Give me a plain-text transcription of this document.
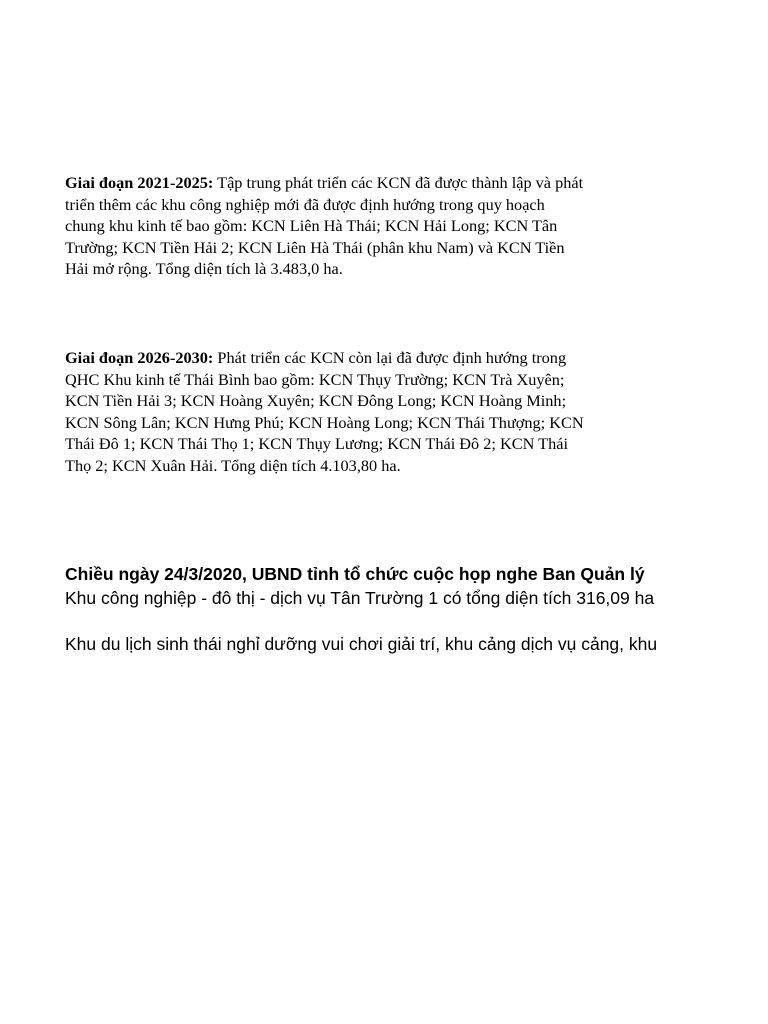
Giai đoạn 2021-2025: Tập trung phát triển các KCN đã được thành lập và phát triển thêm các khu công nghiệp mới đã được định hướng trong quy hoạch chung khu kinh tế bao gồm: KCN Liên Hà Thái; KCN Hải Long; KCN Tân Trường; KCN Tiền Hải 2; KCN Liên Hà Thái (phân khu Nam) và KCN Tiền Hải mở rộng. Tổng diện tích là 3.483,0 ha.

Giai đoạn 2026-2030: Phát triển các KCN còn lại đã được định hướng trong QHC Khu kinh tế Thái Bình bao gồm: KCN Thụy Trường; KCN Trà Xuyên; KCN Tiền Hải 3; KCN Hoàng Xuyên; KCN Đông Long; KCN Hoàng Minh; KCN Sông Lân; KCN Hưng Phú; KCN Hoàng Long; KCN Thái Thượng; KCN Thái Đô 1; KCN Thái Thọ 1; KCN Thụy Lương; KCN Thái Đô 2; KCN Thái Thọ 2; KCN Xuân Hải. Tổng diện tích 4.103,80 ha.

Chiều ngày 24/3/2020, UBND tỉnh tổ chức cuộc họp nghe Ban Quản lý

Khu công nghiệp - đô thị - dịch vụ Tân Trường 1 có tổng diện tích 316,09 ha

Khu du lịch sinh thái nghỉ dưỡng vui chơi giải trí, khu cảng dịch vụ cảng, khu
